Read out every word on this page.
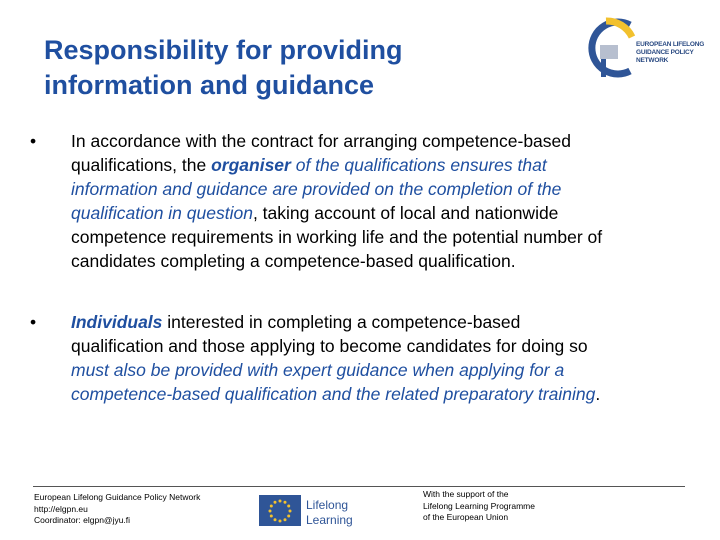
Responsibility for providing
information and guidance
EUROPEAN LIFELONG
GUIDANCE POLICY
NETWORK
•	In accordance with the contract for arranging competence-based
qualifications, the organiser of the qualifications ensures that
information and guidance are provided on the completion of the
qualification in question, taking account of local and nationwide
competence requirements in working life and the potential number of
candidates completing a competence-based qualification.
•	Individuals interested in completing a competence-based
qualification and those applying to become candidates for doing so
must also be provided with expert guidance when applying for a
competence-based qualification and the related preparatory training.
European Lifelong Guidance Policy Network
http://elgpn.eu
Coordinator: elgpn@jyu.fi
Lifelong
Learning
With the support of the
Lifelong Learning Programme
of the European Union
